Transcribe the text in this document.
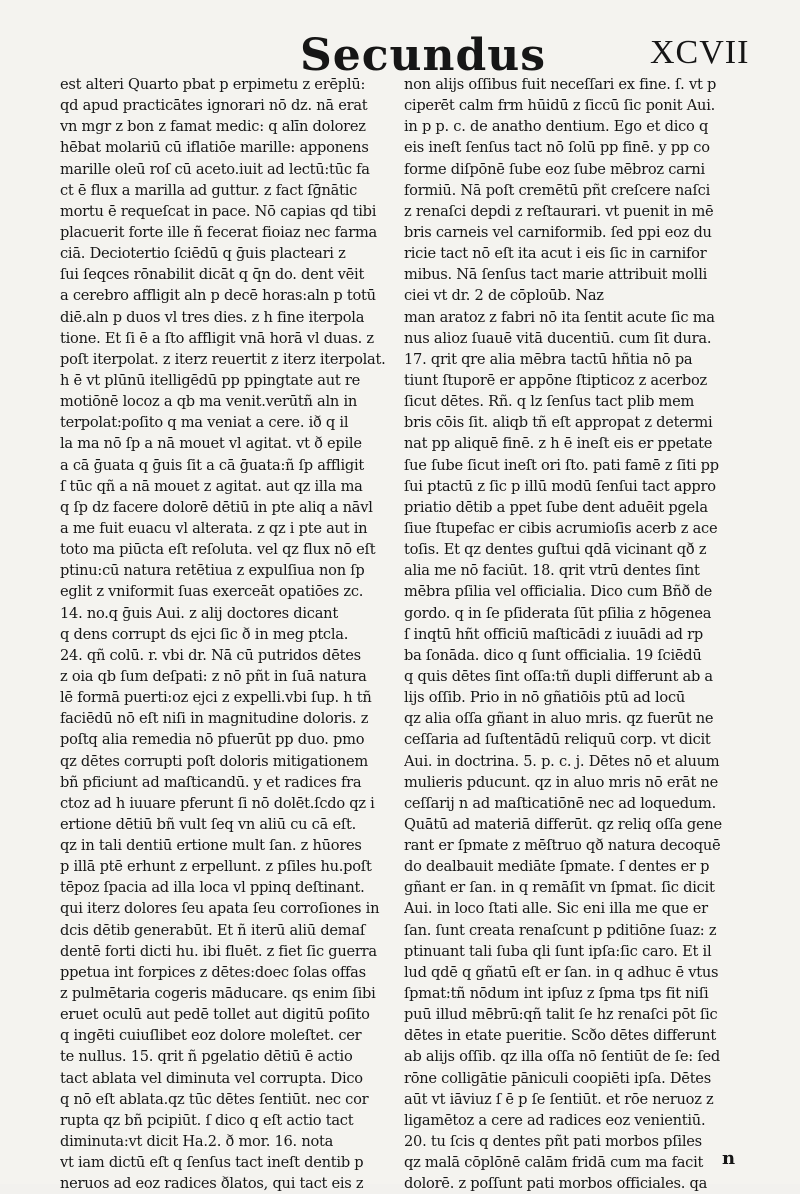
Secundus	XCVII
est alteri Quarto pbat p erpimetu z erēplū:
qd apud practicātes ignorari nō dz. nā erat
vn mgr z bon z famat medic: q alīn dolorez
hēbat molariū cū iflatiōe marille: apponens
marille oleū roſ cū aceto.iuit ad lectū:tūc fa
ct ē flux a marilla ad guttur. z fact ſḡnātic
mortu ē requeſcat in pace. Nō capias qd tibi
placuerit forte ille ñ fecerat fioiaz nec farma
ciā. Deciotertio ſciēdū q ḡuis placteari z
ſui ſeqces rōnabilit dicāt q q̄n do. dent vēit
a cerebro affligit aln p decē horas:aln p totū
diē.aln p duos vl tres dies. z h fine iterpola
tione. Et ſi ē a ſto affligit vnā horā vl duas. z
poſt iterpolat. z iterz reuertit z iterz iterpolat.
h ē vt plūnū itelligēdū pp ppingtate aut re
motiōnē locoz a qb ma venit.verūtñ aln in
terpolat:poſito q ma veniat a cere. ið q il
la ma nō ſp a nā mouet vl agitat. vt ð epile
a cā ḡuata q ḡuis ſit a cā ḡuata:ñ ſp affligit
ſ tūc qñ a nā mouet z agitat. aut qz illa ma
q ſp dz facere dolorē dētiū in pte aliq a nāvl
a me fuit euacu vl alterata. z qz i pte aut in
toto ma piūcta eſt reſoluta. vel qz flux nō eſt
ptinu:cū natura retētiua z expulſiua non ſp
eglit z vniformit ſuas exerceāt opatiōes zc.
14. no.q ḡuis Aui. z alij doctores dicant
q dens corrupt ds ejci ſic ð in meg ptcla.
24. qñ colū. r. vbi dr. Nā cū putridos dētes
z oia qb ſum deſpati: z nō pñt in ſuā natura
lē formā puerti:oz ejci z expelli.vbi ſup. h tñ
faciēdū nō eſt niſi in magnitudine doloris. z
poſtq alia remedia nō pfuerūt pp duo. pmo
qz dētes corrupti poſt doloris mitigationem
bñ pficiunt ad maſticandū. y et radices fra
ctoz ad h iuuare pferunt ſi nō dolēt.ſcdo qz i
ertione dētiū bñ vult ſeq vn aliū cu cā eſt.
qz in tali dentiū ertione mult ſan. z hūores
p illā ptē erhunt z erpellunt. z pſiles hu.poſt
tēpoz ſpacia ad illa loca vl ppinq deſtinant.
qui iterz dolores ſeu apata ſeu corroſiones in
dcis dētib generabūt. Et ñ iterū aliū demaſ
dentē forti dicti hu. ibi fluēt. z fiet ſic guerra
ppetua int forpices z dētes:doec ſolas offas
z pulmētaria cogeris māducare. qs enim ſibi
eruet oculū aut pedē tollet aut digitū poſito
q ingēti cuiuſlibet eoz dolore moleſtet. cer
te nullus. 15. qrit ñ pgelatio dētiū ē actio
tact ablata vel diminuta vel corrupta. Dico
q nō eſt ablata.qz tūc dētes ſentiūt. nec cor
rupta qz bñ pcipiūt. ſ dico q eſt actio tact
diminuta:vt dicit Ha.2. ð mor. 16. nota
vt iam dictū eſt q ſenſus tact ineſt dentib p
neruos ad eoz radices ðlatos, qui tact eis z
non alijs oſſibus fuit neceſſari ex fine. ſ. vt p
ciperēt calm frm hūidū z ſiccū ſic ponit Aui.
in p p. c. de anatho dentium. Ego et dico q
eis ineſt ſenſus tact nō ſolū pp finē. y pp co
forme diſpōnē ſube eoz ſube mēbroz carni
formiū. Nā poſt cremētū pñt creſcere naſci
z renaſci depdi z reſtaurari. vt puenit in mē
bris carneis vel carniformib. ſed ppi eoz du
ricie tact nō eſt ita acut i eis ſic in carnifor
mibus. Nā ſenſus tact marie attribuit molli
ciei vt dr. 2 de cōploūb. Naz
man aratoz z fabri nō ita ſentit acute ſic ma
nus alioz ſuauē vitā ducentiū. cum ſit dura.
17. qrit qre alia mēbra tactū hñtia nō pa
tiunt ſtuporē er appōne ſtipticoz z acerboz
ſicut dētes. Rñ. q lz ſenſus tact plib mem
bris cōis ſit. aliqb tñ eſt appropat z determi
nat pp aliquē finē. z h ē ineſt eis er ppetate
ſue ſube ſicut ineſt ori ſto. pati famē z ſiti pp
ſui ptactū z ſic p illū modū ſenſui tact appro
priatio dētib a ppet ſube dent aduēit pgela
ſiue ſtupefac er cibis acrumioſis acerb z ace
toſis. Et qz dentes guſtui qdā vicinant qð z
alia me nō faciūt. 18. qrit vtrū dentes ſint
mēbra pſilia vel officialia. Dico cum Bñð de
gordo. q in ſe pſiderata ſūt pſilia z hōgenea
ſ inqtū hñt officiū maſticādi z iuuādi ad rp
ba ſonāda. dico q ſunt officialia. 19 ſciēdū
q quis dētes ſint oſſa:tñ dupli differunt ab a
lijs oſſib. Prio in nō gñatiōis ptū ad locū
qz alia oſſa gñant in aluo mris. qz fuerūt ne
ceſſaria ad ſuſtentādū reliquū corp. vt dicit
Aui. in doctrina. 5. p. c. j. Dētes nō et aluum
mulieris pducunt. qz in aluo mris nō erāt ne
ceſſarij n ad maſticatiōnē nec ad loquedum.
Quātū ad materiā differūt. qz reliq oſſa gene
rant er ſpmate z mēſtruo qð natura decoquē
do dealbauit mediāte ſpmate. ſ dentes er p
gñant er ſan. in q remāſit vn ſpmat. ſic dicit
Aui. in loco ſtati alle. Sic eni illa me que er
ſan. ſunt creata renaſcunt p pditiōne ſuaz: z
ptinuant tali ſuba qli ſunt ipſa:ſic caro. Et il
lud qdē q gñatū eſt er ſan. in q adhuc ē vtus
ſpmat:tñ nōdum int ipſuz z ſpma tps fit niſi
puū illud mēbrū:qñ talit ſe hz renaſci pōt ſic
dētes in etate pueritie. Scðo dētes differunt
ab alijs oſſib. qz illa oſſa nō ſentiūt de ſe: ſed
rōne colligātie pāniculi coopiēti ipſa. Dētes
aūt vt iāviuz ſ ē p ſe ſentiūt. et rōe neruoz z
ligamētoz a cere ad radices eoz venientiū.
20. tu ſcis q dentes pñt pati morbos pſiles
qz malā cōplōnē calām fridā cum ma facit
dolorē. z poſſunt pati morbos officiales. qa
n
